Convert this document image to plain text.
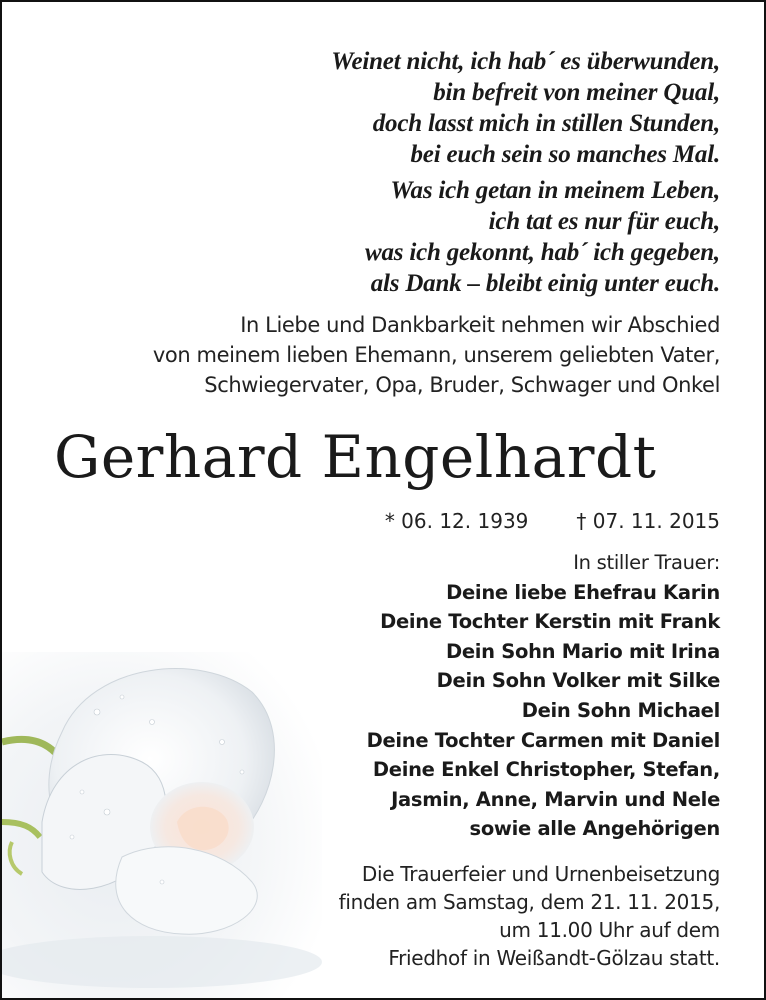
Weinet nicht, ich hab´ es überwunden,
bin befreit von meiner Qual,
doch lasst mich in stillen Stunden,
bei euch sein so manches Mal.
Was ich getan in meinem Leben,
ich tat es nur für euch,
was ich gekonnt, hab´ ich gegeben,
als Dank – bleibt einig unter euch.
In Liebe und Dankbarkeit nehmen wir Abschied
von meinem lieben Ehemann, unserem geliebten Vater,
Schwiegervater, Opa, Bruder, Schwager und Onkel
Gerhard Engelhardt
* 06. 12. 1939 † 07. 11. 2015
In stiller Trauer:
Deine liebe Ehefrau Karin
Deine Tochter Kerstin mit Frank
Dein Sohn Mario mit Irina
Dein Sohn Volker mit Silke
Dein Sohn Michael
Deine Tochter Carmen mit Daniel
Deine Enkel Christopher, Stefan,
Jasmin, Anne, Marvin und Nele
sowie alle Angehörigen
Die Trauerfeier und Urnenbeisetzung
finden am Samstag, dem 21. 11. 2015,
um 11.00 Uhr auf dem
Friedhof in Weißandt-Gölzau statt.
